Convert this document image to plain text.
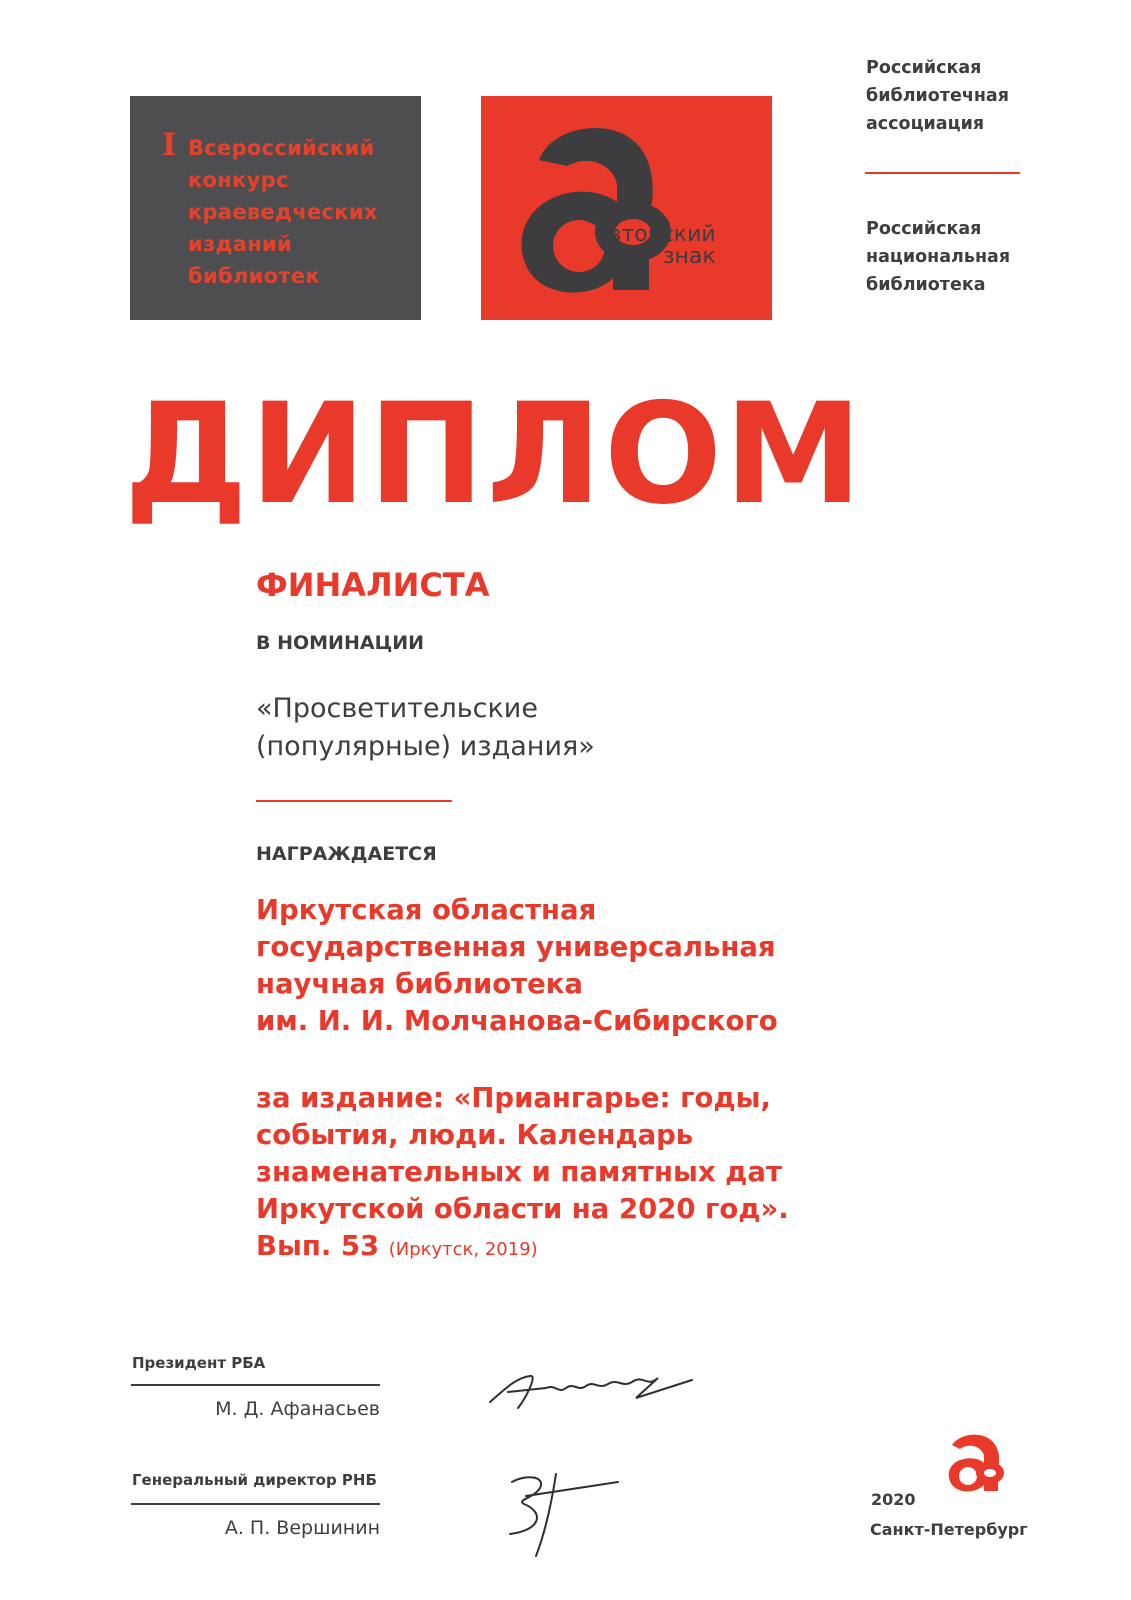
I Всероссийский
конкурс
краеведческих
изданий
библиотек
авторский
знак
Российская
библиотечная
ассоциация
Российская
национальная
библиотека
ДИПЛОМ
ФИНАЛИСТА
В НОМИНАЦИИ
«Просветительские
(популярные) издания»
НАГРАЖДАЕТСЯ
Иркутская областная
государственная универсальная
научная библиотека
им. И. И. Молчанова-Сибирского
за издание: «Приангарье: годы,
события, люди. Календарь
знаменательных и памятных дат
Иркутской области на 2020 год».
Вып. 53 (Иркутск, 2019)
Президент РБА
М. Д. Афанасьев
Генеральный директор РНБ
А. П. Вершинин
2020
Санкт-Петербург
